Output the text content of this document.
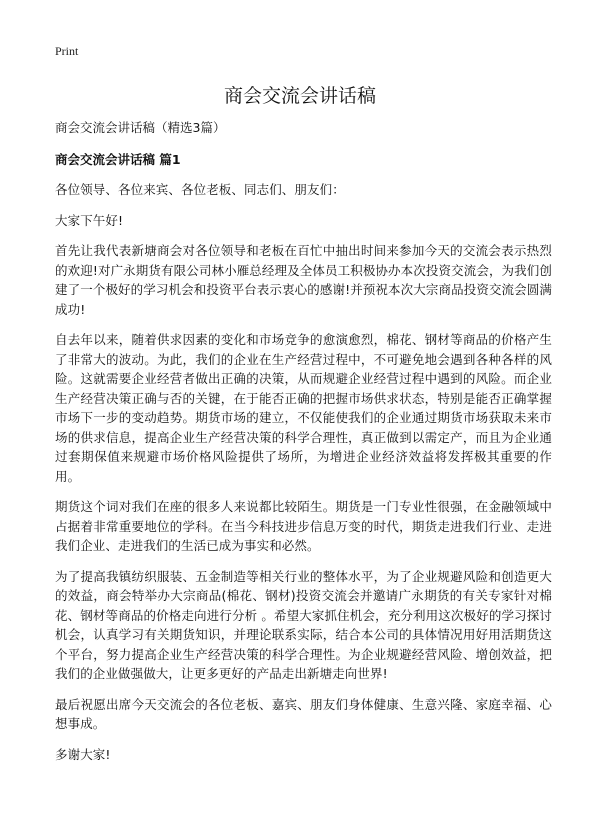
Print
商会交流会讲话稿

商会交流会讲话稿（精选3篇）

商会交流会讲话稿 篇1

各位领导、各位来宾、各位老板、同志们、朋友们：

大家下午好!

首先让我代表新塘商会对各位领导和老板在百忙中抽出时间来参加今天的交流会表示热烈的欢迎!对广永期货有限公司林小雁总经理及全体员工积极协办本次投资交流会，为我们创建了一个极好的学习机会和投资平台表示衷心的感谢!并预祝本次大宗商品投资交流会圆满成功!

自去年以来，随着供求因素的变化和市场竞争的愈演愈烈，棉花、钢材等商品的价格产生了非常大的波动。为此，我们的企业在生产经营过程中，不可避免地会遇到各种各样的风险。这就需要企业经营者做出正确的决策，从而规避企业经营过程中遇到的风险。而企业生产经营决策正确与否的关键，在于能否正确的把握市场供求状态，特别是能否正确掌握市场下一步的变动趋势。期货市场的建立，不仅能使我们的企业通过期货市场获取未来市场的供求信息，提高企业生产经营决策的科学合理性，真正做到以需定产，而且为企业通过套期保值来规避市场价格风险提供了场所，为增进企业经济效益将发挥极其重要的作用。

期货这个词对我们在座的很多人来说都比较陌生。期货是一门专业性很强，在金融领域中占据着非常重要地位的学科。在当今科技进步信息万变的时代，期货走进我们行业、走进我们企业、走进我们的生活已成为事实和必然。

为了提高我镇纺织服装、五金制造等相关行业的整体水平，为了企业规避风险和创造更大的效益，商会特举办大宗商品(棉花、钢材)投资交流会并邀请广永期货的有关专家针对棉花、钢材等商品的价格走向进行分析 。希望大家抓住机会，充分利用这次极好的学习探讨机会，认真学习有关期货知识，并理论联系实际，结合本公司的具体情况用好用活期货这个平台，努力提高企业生产经营决策的科学合理性。为企业规避经营风险、增创效益，把我们的企业做强做大，让更多更好的产品走出新塘走向世界!

最后祝愿出席今天交流会的各位老板、嘉宾、朋友们身体健康、生意兴隆、家庭幸福、心想事成。

多谢大家!
